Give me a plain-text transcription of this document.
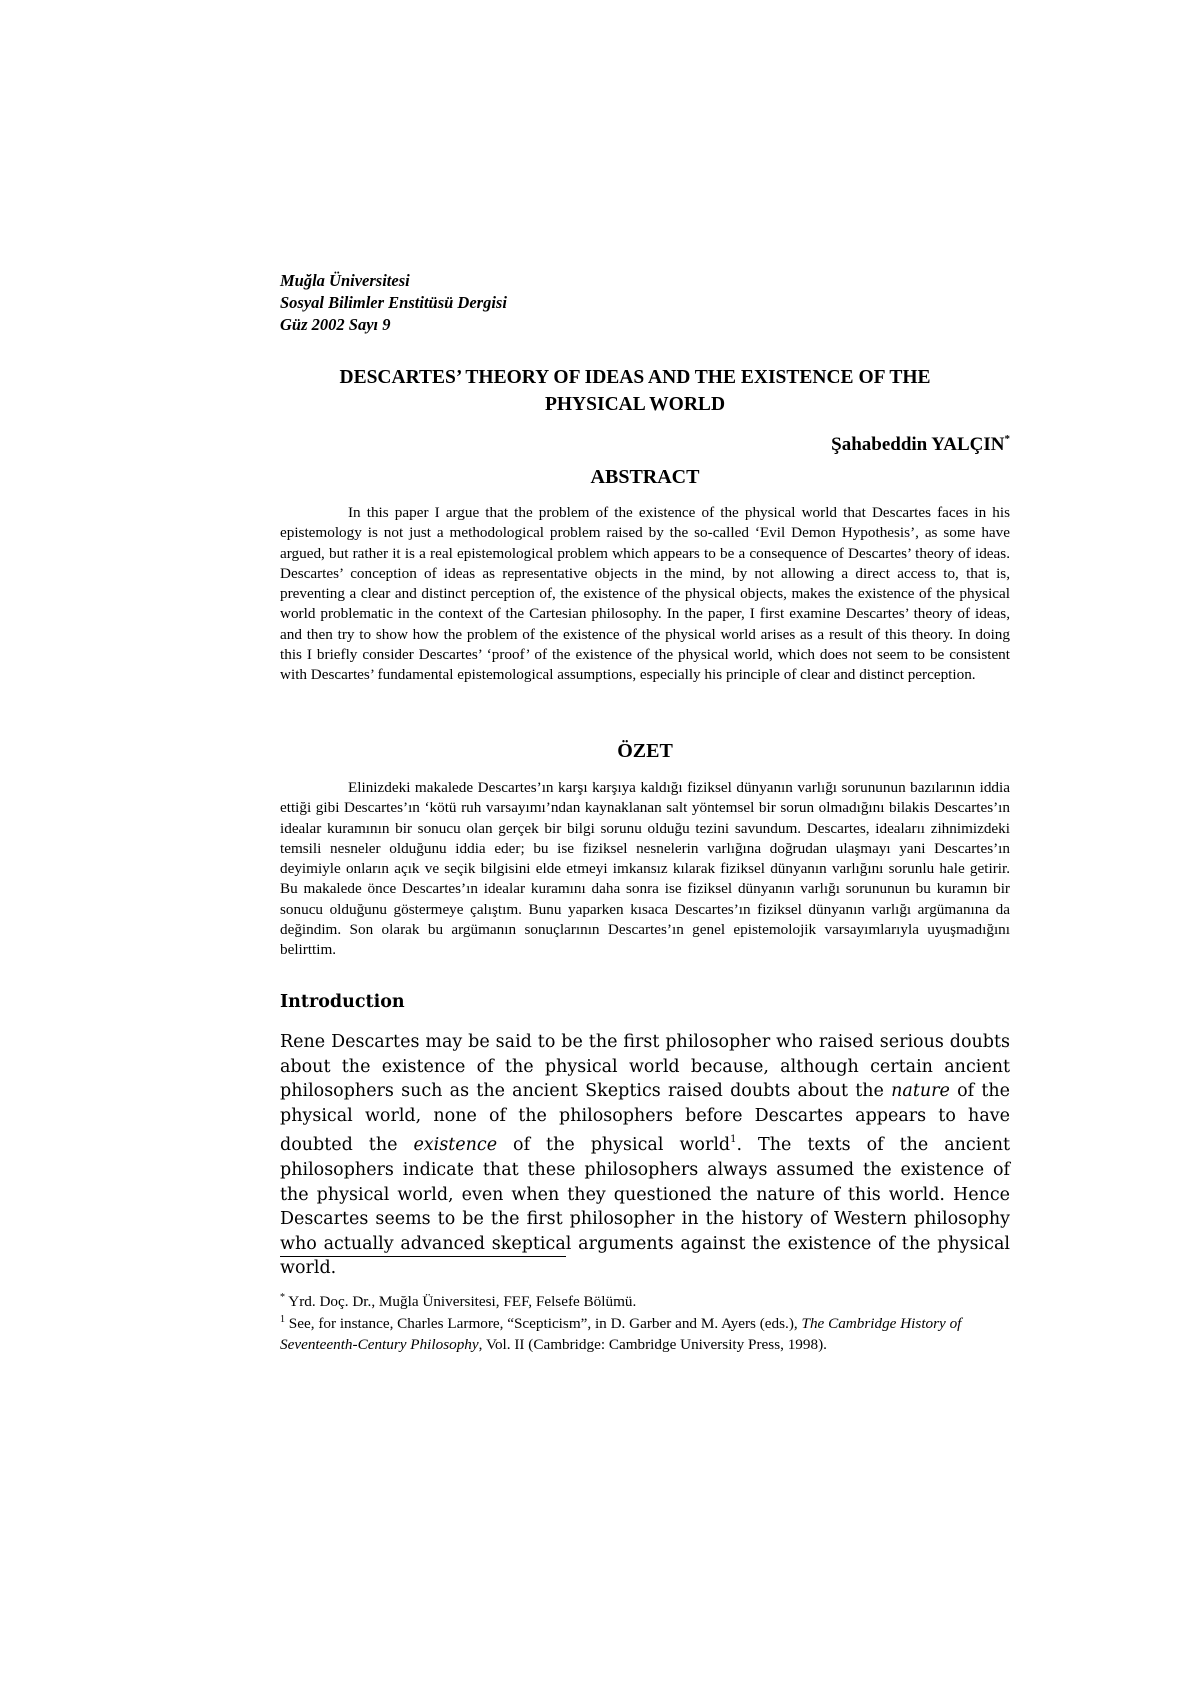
Muğla Üniversitesi
Sosyal Bilimler Enstitüsü Dergisi
Güz 2002 Sayı 9
DESCARTES’ THEORY OF IDEAS AND THE EXISTENCE OF THE
PHYSICAL WORLD
Şahabeddin YALÇIN*
ABSTRACT
In this paper I argue that the problem of the existence of the physical world that Descartes faces in his epistemology is not just a methodological problem raised by the so-called ‘Evil Demon Hypothesis’, as some have argued, but rather it is a real epistemological problem which appears to be a consequence of Descartes’ theory of ideas. Descartes’ conception of ideas as representative objects in the mind, by not allowing a direct access to, that is, preventing a clear and distinct perception of, the existence of the physical objects, makes the existence of the physical world problematic in the context of the Cartesian philosophy. In the paper, I first examine Descartes’ theory of ideas, and then try to show how the problem of the existence of the physical world arises as a result of this theory. In doing this I briefly consider Descartes’ ‘proof’ of the existence of the physical world, which does not seem to be consistent with Descartes’ fundamental epistemological assumptions, especially his principle of clear and distinct perception.
ÖZET
Elinizdeki makalede Descartes’ın karşı karşıya kaldığı fiziksel dünyanın varlığı sorununun bazılarının iddia ettiği gibi Descartes’ın ‘kötü ruh varsayımı’ndan kaynaklanan salt yöntemsel bir sorun olmadığını bilakis Descartes’ın idealar kuramının bir sonucu olan gerçek bir bilgi sorunu olduğu tezini savundum. Descartes, idealarıı zihnimizdeki temsili nesneler olduğunu iddia eder; bu ise fiziksel nesnelerin varlığına doğrudan ulaşmayı yani Descartes’ın deyimiyle onların açık ve seçik bilgisini elde etmeyi imkansız kılarak fiziksel dünyanın varlığını sorunlu hale getirir. Bu makalede önce Descartes’ın idealar kuramını daha sonra ise fiziksel dünyanın varlığı sorununun bu kuramın bir sonucu olduğunu göstermeye çalıştım. Bunu yaparken kısaca Descartes’ın fiziksel dünyanın varlığı argümanına da değindim. Son olarak bu argümanın sonuçlarının Descartes’ın genel epistemolojik varsayımlarıyla uyuşmadığını belirttim.
Introduction
Rene Descartes may be said to be the first philosopher who raised serious doubts about the existence of the physical world because, although certain ancient philosophers such as the ancient Skeptics raised doubts about the nature of the physical world, none of the philosophers before Descartes appears to have doubted the existence of the physical world$^1$. The texts of the ancient philosophers indicate that these philosophers always assumed the existence of the physical world, even when they questioned the nature of this world. Hence Descartes seems to be the first philosopher in the history of Western philosophy who actually advanced skeptical arguments against the existence of the physical world.
* Yrd. Doç. Dr., Muğla Üniversitesi, FEF, Felsefe Bölümü.
$^1$ See, for instance, Charles Larmore, “Scepticism”, in D. Garber and M. Ayers (eds.), The Cambridge History of Seventeenth-Century Philosophy, Vol. II (Cambridge: Cambridge University Press, 1998).
